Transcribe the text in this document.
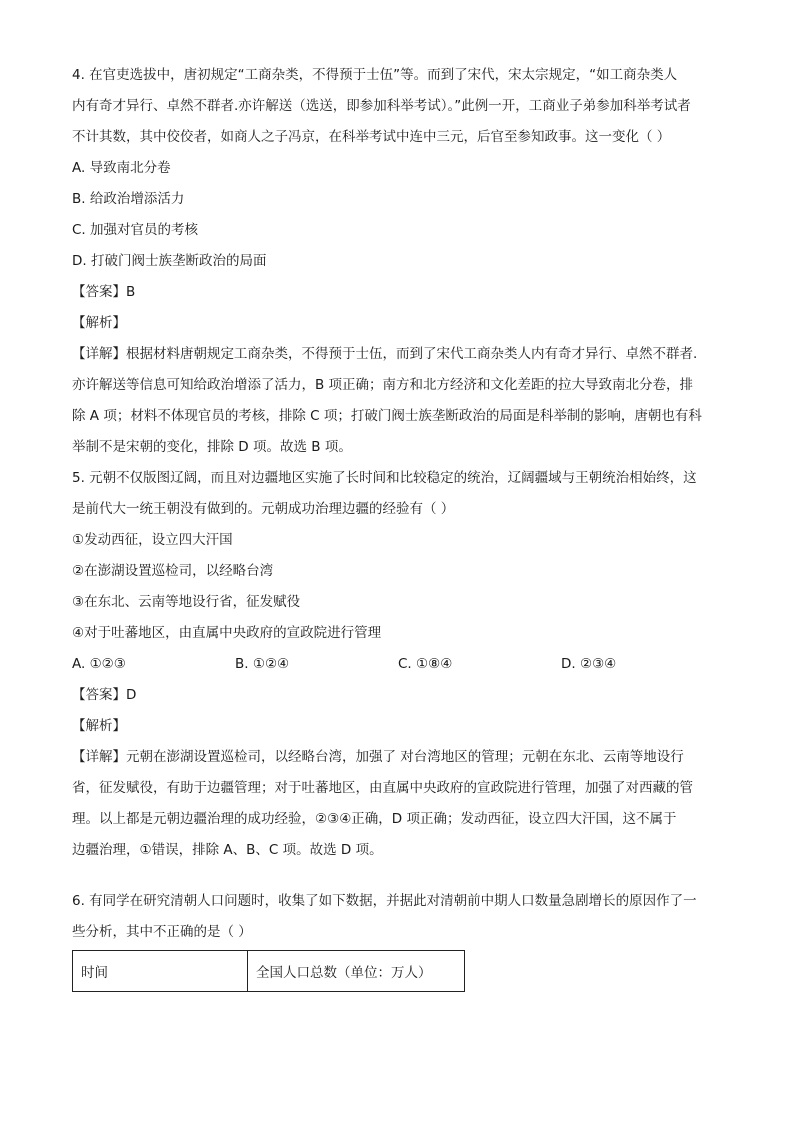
4. 在官吏选拔中，唐初规定“工商杂类，不得预于士伍”等。而到了宋代，宋太宗规定，“如工商杂类人
内有奇才异行、卓然不群者.亦许解送（选送，即参加科举考试）。”此例一开，工商业子弟参加科举考试者
不计其数，其中佼佼者，如商人之子冯京，在科举考试中连中三元，后官至参知政事。这一变化（ ）
A. 导致南北分卷
B. 给政治增添活力
C. 加强对官员的考核
D. 打破门阀士族垄断政治的局面
【答案】B
【解析】
【详解】根据材料唐朝规定工商杂类，不得预于士伍，而到了宋代工商杂类人内有奇才异行、卓然不群者.
亦许解送等信息可知给政治增添了活力，B 项正确；南方和北方经济和文化差距的拉大导致南北分卷，排
除 A 项；材料不体现官员的考核，排除 C 项；打破门阀士族垄断政治的局面是科举制的影响，唐朝也有科
举制不是宋朝的变化，排除 D 项。故选 B 项。
5. 元朝不仅版图辽阔，而且对边疆地区实施了长时间和比较稳定的统治，辽阔疆域与王朝统治相始终，这
是前代大一统王朝没有做到的。元朝成功治理边疆的经验有（ ）
①发动西征，设立四大汗国
②在澎湖设置巡检司，以经略台湾
③在东北、云南等地设行省，征发赋役
④对于吐蕃地区，由直属中央政府的宣政院进行管理
A. ①②③	B. ①②④	C. ①⑧④	D. ②③④
【答案】D
【解析】
【详解】元朝在澎湖设置巡检司，以经略台湾，加强了 对台湾地区的管理；元朝在东北、云南等地设行
省，征发赋役，有助于边疆管理；对于吐蕃地区，由直属中央政府的宣政院进行管理，加强了对西藏的管
理。以上都是元朝边疆治理的成功经验，②③④正确，D 项正确；发动西征，设立四大汗国，这不属于
边疆治理，①错误，排除 A、B、C 项。故选 D 项。
6. 有同学在研究清朝人口问题时，收集了如下数据，并据此对清朝前中期人口数量急剧增长的原因作了一
些分析，其中不正确的是（ ）
时间	全国人口总数（单位：万人）
